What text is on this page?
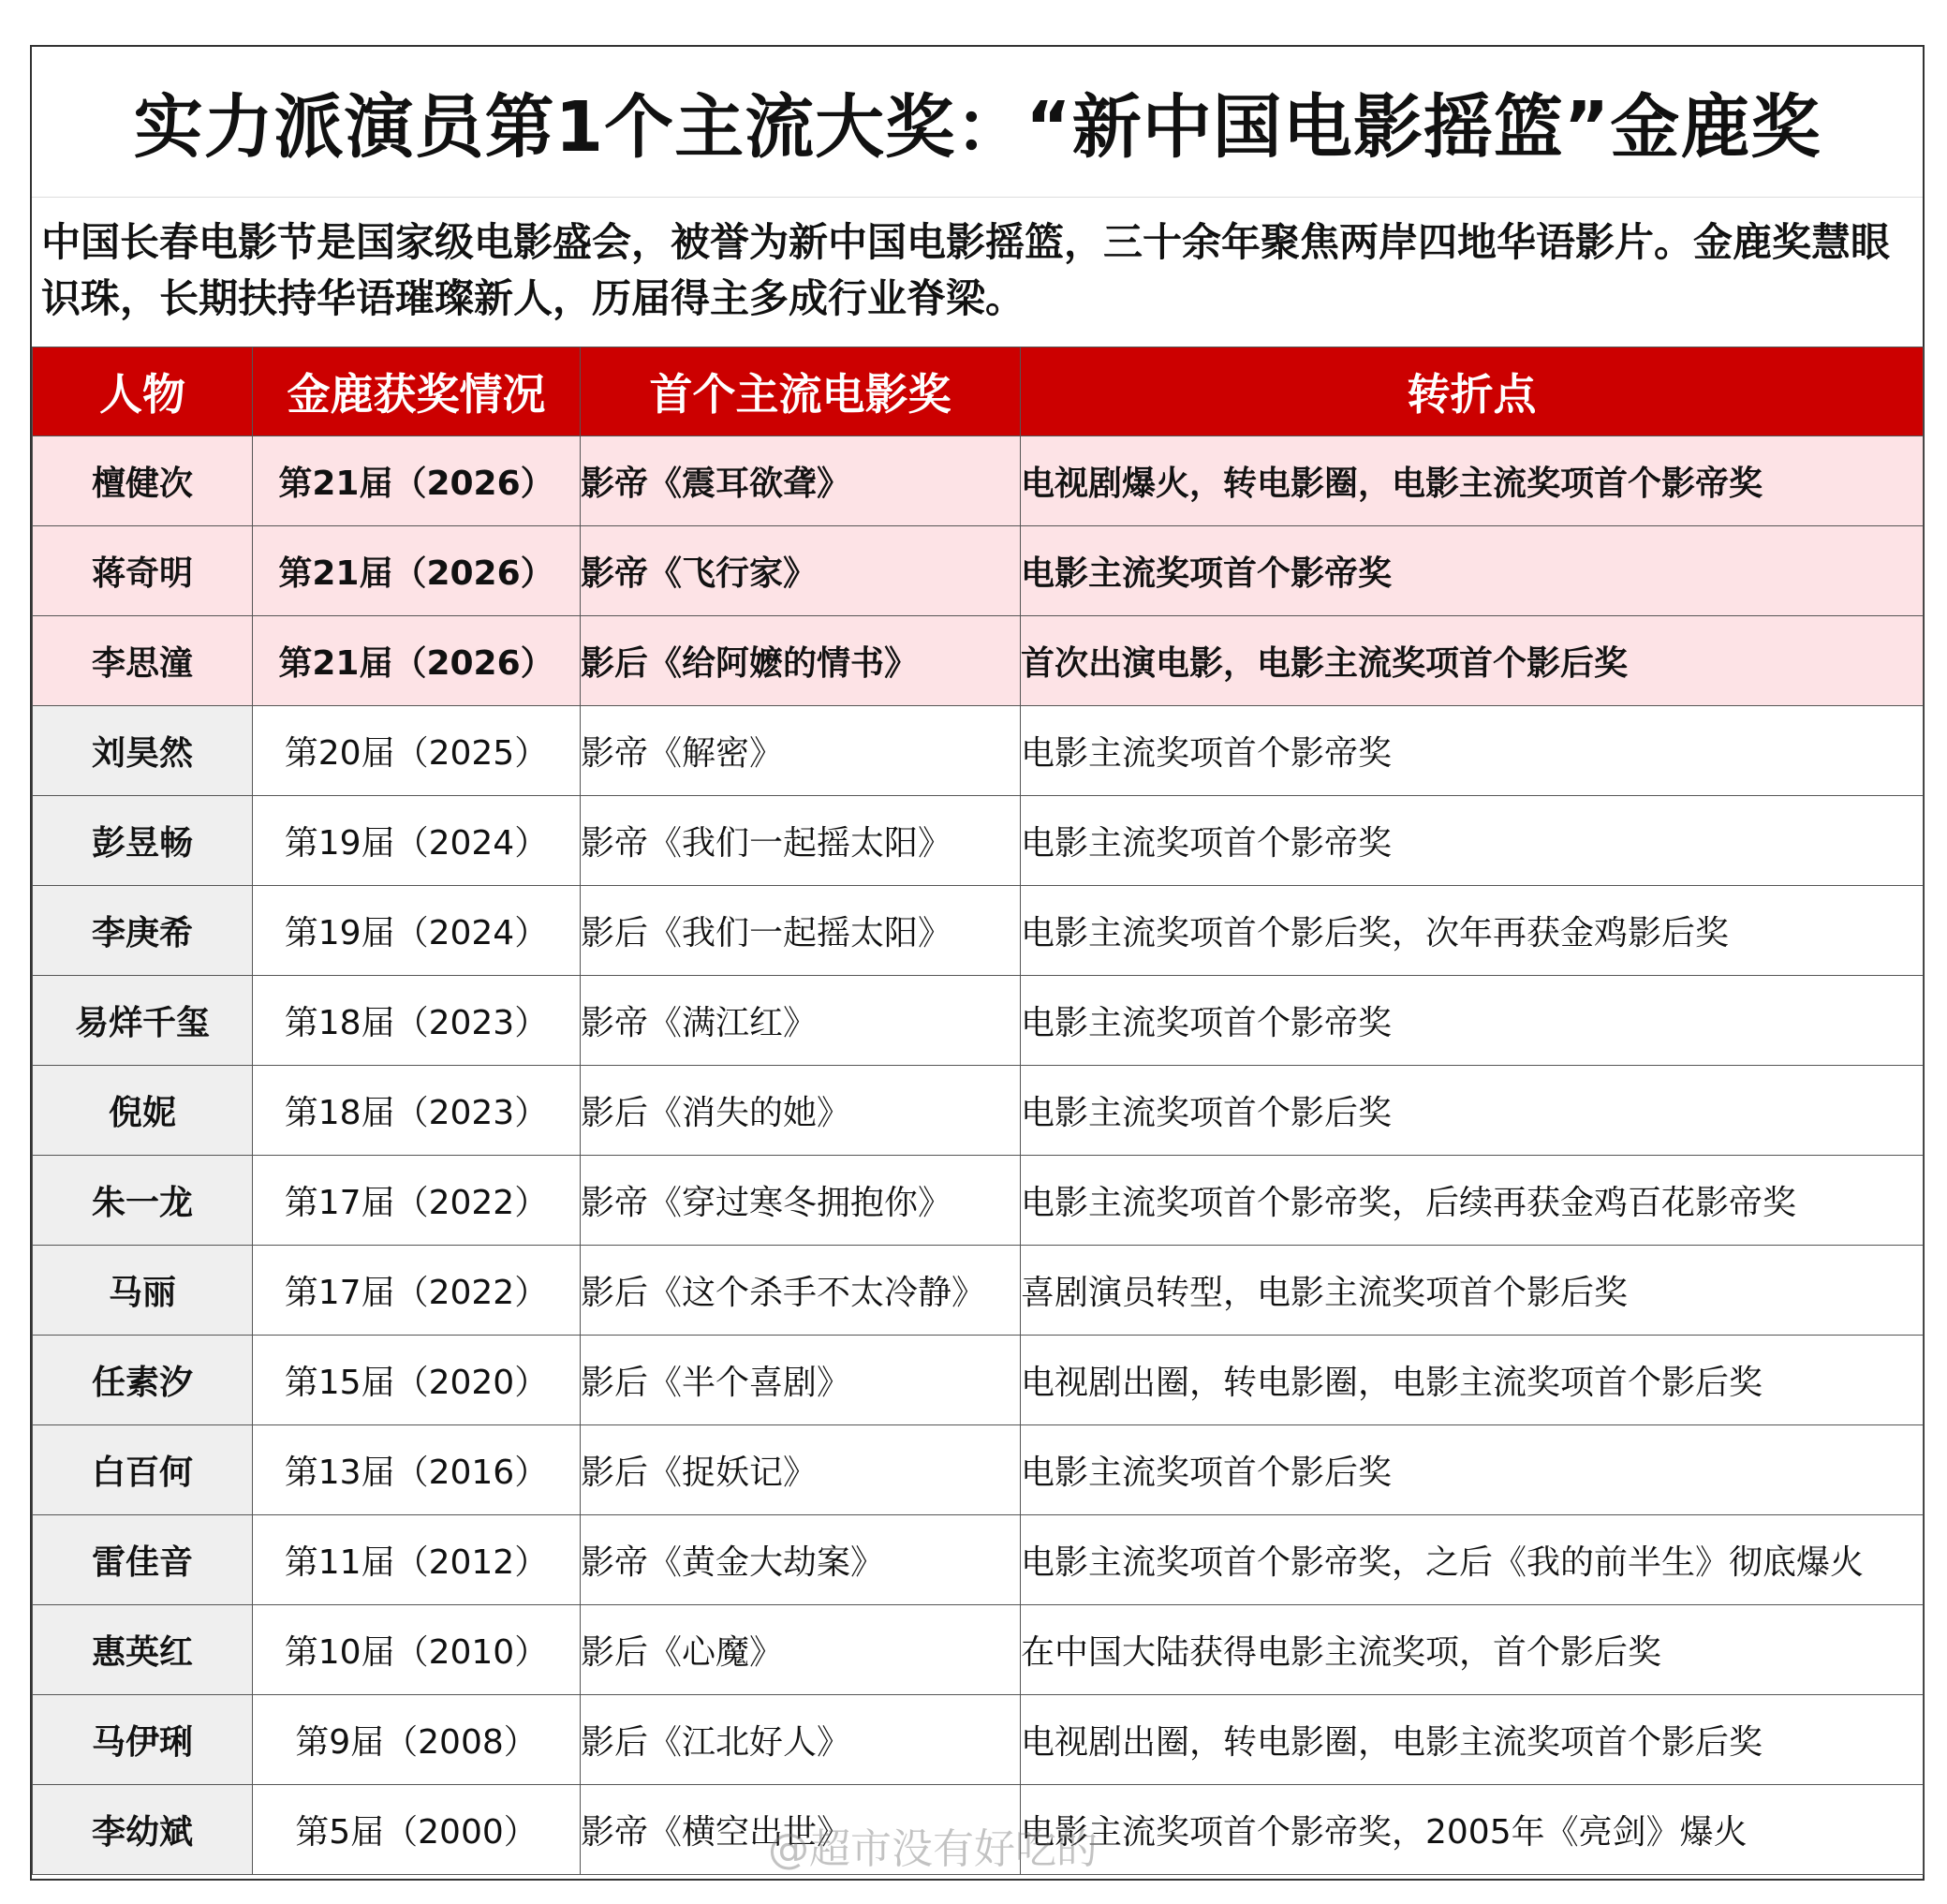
实力派演员第1个主流大奖：“新中国电影摇篮”金鹿奖
中国长春电影节是国家级电影盛会，被誉为新中国电影摇篮，三十余年聚焦两岸四地华语影片。金鹿奖慧眼识珠，长期扶持华语璀璨新人，历届得主多成行业脊梁。
人物	金鹿获奖情况	首个主流电影奖	转折点
檀健次	第21届（2026）	影帝《震耳欲聋》	电视剧爆火，转电影圈，电影主流奖项首个影帝奖
蒋奇明	第21届（2026）	影帝《飞行家》	电影主流奖项首个影帝奖
李思潼	第21届（2026）	影后《给阿嬷的情书》	首次出演电影，电影主流奖项首个影后奖
刘昊然	第20届（2025）	影帝《解密》	电影主流奖项首个影帝奖
彭昱畅	第19届（2024）	影帝《我们一起摇太阳》	电影主流奖项首个影帝奖
李庚希	第19届（2024）	影后《我们一起摇太阳》	电影主流奖项首个影后奖，次年再获金鸡影后奖
易烊千玺	第18届（2023）	影帝《满江红》	电影主流奖项首个影帝奖
倪妮	第18届（2023）	影后《消失的她》	电影主流奖项首个影后奖
朱一龙	第17届（2022）	影帝《穿过寒冬拥抱你》	电影主流奖项首个影帝奖，后续再获金鸡百花影帝奖
马丽	第17届（2022）	影后《这个杀手不太冷静》	喜剧演员转型，电影主流奖项首个影后奖
任素汐	第15届（2020）	影后《半个喜剧》	电视剧出圈，转电影圈，电影主流奖项首个影后奖
白百何	第13届（2016）	影后《捉妖记》	电影主流奖项首个影后奖
雷佳音	第11届（2012）	影帝《黄金大劫案》	电影主流奖项首个影帝奖，之后《我的前半生》彻底爆火
惠英红	第10届（2010）	影后《心魔》	在中国大陆获得电影主流奖项，首个影后奖
马伊琍	第9届（2008）	影后《江北好人》	电视剧出圈，转电影圈，电影主流奖项首个影后奖
李幼斌	第5届（2000）	影帝《横空出世》	电影主流奖项首个影帝奖，2005年《亮剑》爆火
@超市没有好吃的
